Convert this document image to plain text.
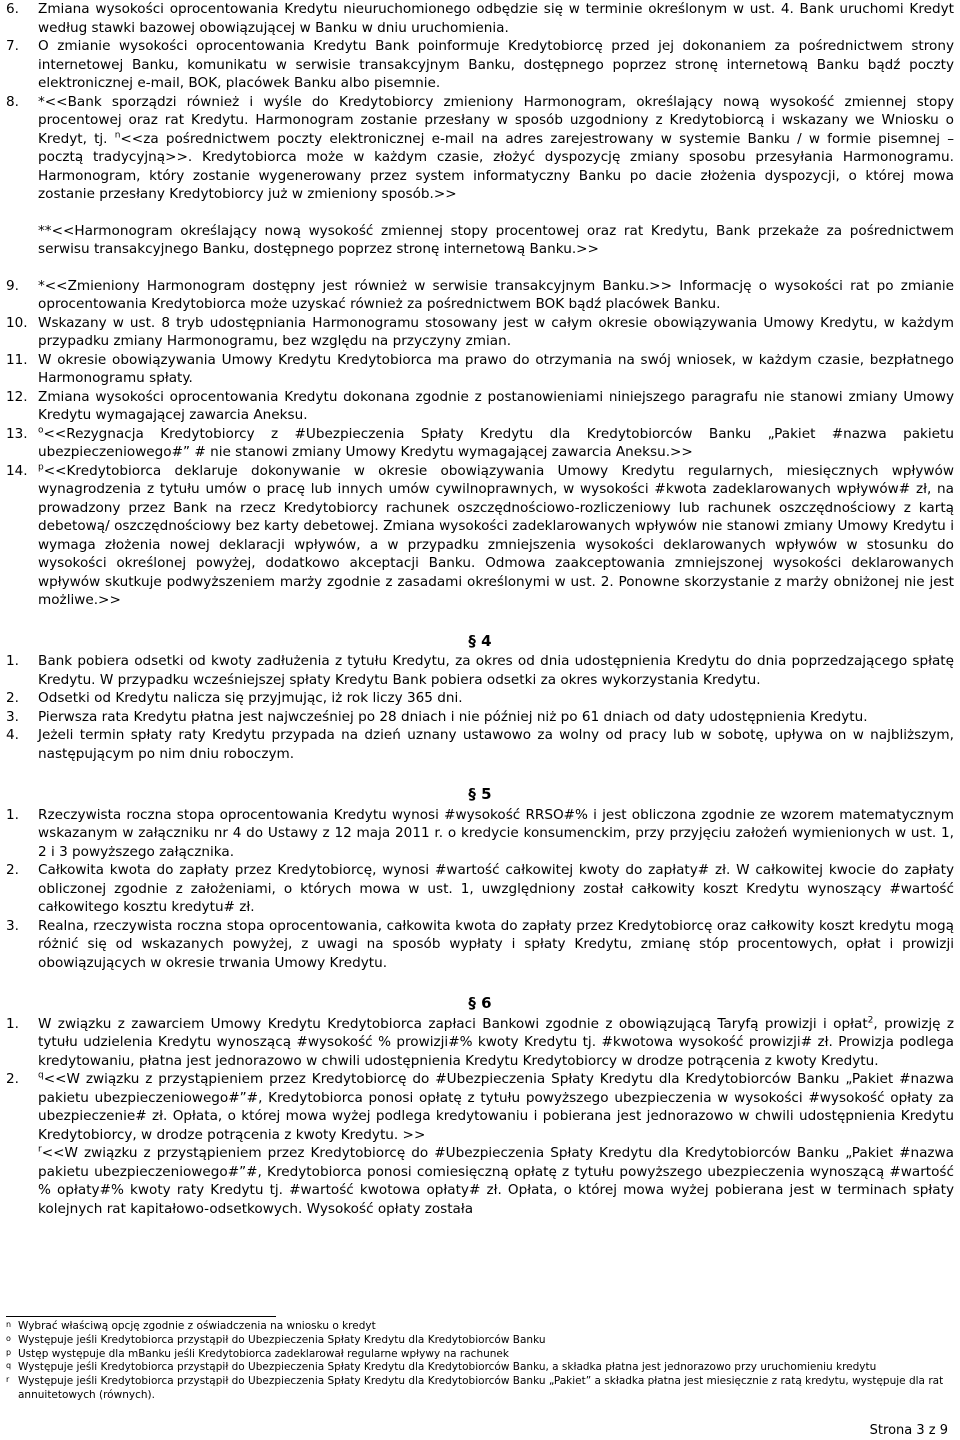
6.	Zmiana wysokości oprocentowania Kredytu nieuruchomionego odbędzie się w terminie określonym w ust. 4. Bank uruchomi Kredyt według stawki bazowej obowiązującej w Banku w dniu uruchomienia.
7.	O zmianie wysokości oprocentowania Kredytu Bank poinformuje Kredytobiorcę przed jej dokonaniem za pośrednictwem strony internetowej Banku, komunikatu w serwisie transakcyjnym Banku, dostępnego poprzez stronę internetową Banku bądź poczty elektronicznej e-mail, BOK, placówek Banku albo pisemnie.
8.	*<<Bank sporządzi również i wyśle do Kredytobiorcy zmieniony Harmonogram, określający nową wysokość zmiennej stopy procentowej oraz rat Kredytu. Harmonogram zostanie przesłany w sposób uzgodniony z Kredytobiorcą i wskazany we Wniosku o Kredyt, tj. $^n$<<za pośrednictwem poczty elektronicznej e-mail na adres zarejestrowany w systemie Banku / w formie pisemnej – pocztą tradycyjną>>. Kredytobiorca może w każdym czasie, złożyć dyspozycję zmiany sposobu przesyłania Harmonogramu. Harmonogram, który zostanie wygenerowany przez system informatyczny Banku po dacie złożenia dyspozycji, o której mowa zostanie przesłany Kredytobiorcy już w zmieniony sposób.>>
**<<Harmonogram określający nową wysokość zmiennej stopy procentowej oraz rat Kredytu, Bank przekaże za pośrednictwem serwisu transakcyjnego Banku, dostępnego poprzez stronę internetową Banku.>>
9.	*<<Zmieniony Harmonogram dostępny jest również w serwisie transakcyjnym Banku.>> Informację o wysokości rat po zmianie oprocentowania Kredytobiorca może uzyskać również za pośrednictwem BOK bądź placówek Banku.
10. Wskazany w ust. 8 tryb udostępniania Harmonogramu stosowany jest w całym okresie obowiązywania Umowy Kredytu, w każdym przypadku zmiany Harmonogramu, bez względu na przyczyny zmian.
11. W okresie obowiązywania Umowy Kredytu Kredytobiorca ma prawo do otrzymania na swój wniosek, w każdym czasie, bezpłatnego Harmonogramu spłaty.
12. Zmiana wysokości oprocentowania Kredytu dokonana zgodnie z postanowieniami niniejszego paragrafu nie stanowi zmiany Umowy Kredytu wymagającej zawarcia Aneksu.
13.	$^o$<<Rezygnacja Kredytobiorcy z #Ubezpieczenia Spłaty Kredytu dla Kredytobiorców Banku „Pakiet #nazwa pakietu ubezpieczeniowego#” # nie stanowi zmiany Umowy Kredytu wymagającej zawarcia Aneksu.>>
14.	$^p$<<Kredytobiorca deklaruje dokonywanie w okresie obowiązywania Umowy Kredytu regularnych, miesięcznych wpływów wynagrodzenia z tytułu umów o pracę lub innych umów cywilnoprawnych, w wysokości #kwota zadeklarowanych wpływów# zł, na prowadzony przez Bank na rzecz Kredytobiorcy rachunek oszczędnościowo-rozliczeniowy lub rachunek oszczędnościowy z kartą debetową/ oszczędnościowy bez karty debetowej. Zmiana wysokości zadeklarowanych wpływów nie stanowi zmiany Umowy Kredytu i wymaga złożenia nowej deklaracji wpływów, a w przypadku zmniejszenia wysokości deklarowanych wpływów w stosunku do wysokości określonej powyżej, dodatkowo akceptacji Banku. Odmowa zaakceptowania zmniejszonej wysokości deklarowanych wpływów skutkuje podwyższeniem marży zgodnie z zasadami określonymi w ust. 2. Ponowne skorzystanie z marży obniżonej nie jest możliwe.>>
§ 4
1.	Bank pobiera odsetki od kwoty zadłużenia z tytułu Kredytu, za okres od dnia udostępnienia Kredytu do dnia poprzedzającego spłatę Kredytu. W przypadku wcześniejszej spłaty Kredytu Bank pobiera odsetki za okres wykorzystania Kredytu.
2.	Odsetki od Kredytu nalicza się przyjmując, iż rok liczy 365 dni.
3.	Pierwsza rata Kredytu płatna jest najwcześniej po 28 dniach i nie później niż po 61 dniach od daty udostępnienia Kredytu.
4.	Jeżeli termin spłaty raty Kredytu przypada na dzień uznany ustawowo za wolny od pracy lub w sobotę, upływa on w najbliższym, następującym po nim dniu roboczym.
§ 5
1.	Rzeczywista roczna stopa oprocentowania Kredytu wynosi #wysokość RRSO#% i jest obliczona zgodnie ze wzorem matematycznym wskazanym w załączniku nr 4 do Ustawy z 12 maja 2011 r. o kredycie konsumenckim, przy przyjęciu założeń wymienionych w ust. 1, 2 i 3 powyższego załącznika.
2.	Całkowita kwota do zapłaty przez Kredytobiorcę, wynosi #wartość całkowitej kwoty do zapłaty# zł. W całkowitej kwocie do zapłaty obliczonej zgodnie z założeniami, o których mowa w ust. 1, uwzględniony został całkowity koszt Kredytu wynoszący #wartość całkowitego kosztu kredytu# zł.
3.	Realna, rzeczywista roczna stopa oprocentowania, całkowita kwota do zapłaty przez Kredytobiorcę oraz całkowity koszt kredytu mogą różnić się od wskazanych powyżej, z uwagi na sposób wypłaty i spłaty Kredytu, zmianę stóp procentowych, opłat i prowizji obowiązujących w okresie trwania Umowy Kredytu.
§ 6
1.	W związku z zawarciem Umowy Kredytu Kredytobiorca zapłaci Bankowi zgodnie z obowiązującą Taryfą prowizji i opłat$^2$, prowizję z tytułu udzielenia Kredytu wynoszącą #wysokość % prowizji#% kwoty Kredytu tj. #kwotowa wysokość prowizji# zł. Prowizja podlega kredytowaniu, płatna jest jednorazowo w chwili udostępnienia Kredytu Kredytobiorcy w drodze potrącenia z kwoty Kredytu.
2.	$^q$<<W związku z przystąpieniem przez Kredytobiorcę do #Ubezpieczenia Spłaty Kredytu dla Kredytobiorców Banku „Pakiet #nazwa pakietu ubezpieczeniowego#”#, Kredytobiorca ponosi opłatę z tytułu powyższego ubezpieczenia w wysokości #wysokość opłaty za ubezpieczenie# zł. Opłata, o której mowa wyżej podlega kredytowaniu i pobierana jest jednorazowo w chwili udostępnienia Kredytu Kredytobiorcy, w drodze potrącenia z kwoty Kredytu. >>
$^r$<<W związku z przystąpieniem przez Kredytobiorcę do #Ubezpieczenia Spłaty Kredytu dla Kredytobiorców Banku „Pakiet #nazwa pakietu ubezpieczeniowego#”#, Kredytobiorca ponosi comiesięczną opłatę z tytułu powyższego ubezpieczenia wynoszącą #wartość % opłaty#% kwoty raty Kredytu tj. #wartość kwotowa opłaty# zł. Opłata, o której mowa wyżej pobierana jest w terminach spłaty kolejnych rat kapitałowo-odsetkowych. Wysokość opłaty została
n Wybrać właściwą opcję zgodnie z oświadczenia na wniosku o kredyt
o Występuje jeśli Kredytobiorca przystąpił do Ubezpieczenia Spłaty Kredytu dla Kredytobiorców Banku
p Ustęp występuje dla mBanku jeśli Kredytobiorca zadeklarował regularne wpływy na rachunek
q Występuje jeśli Kredytobiorca przystąpił do Ubezpieczenia Spłaty Kredytu dla Kredytobiorców Banku, a składka płatna jest jednorazowo przy uruchomieniu kredytu
r Występuje jeśli Kredytobiorca przystąpił do Ubezpieczenia Spłaty Kredytu dla Kredytobiorców Banku „Pakiet” a składka płatna jest miesięcznie z ratą kredytu, występuje dla rat annuitetowych (równych).
Strona 3 z 9
